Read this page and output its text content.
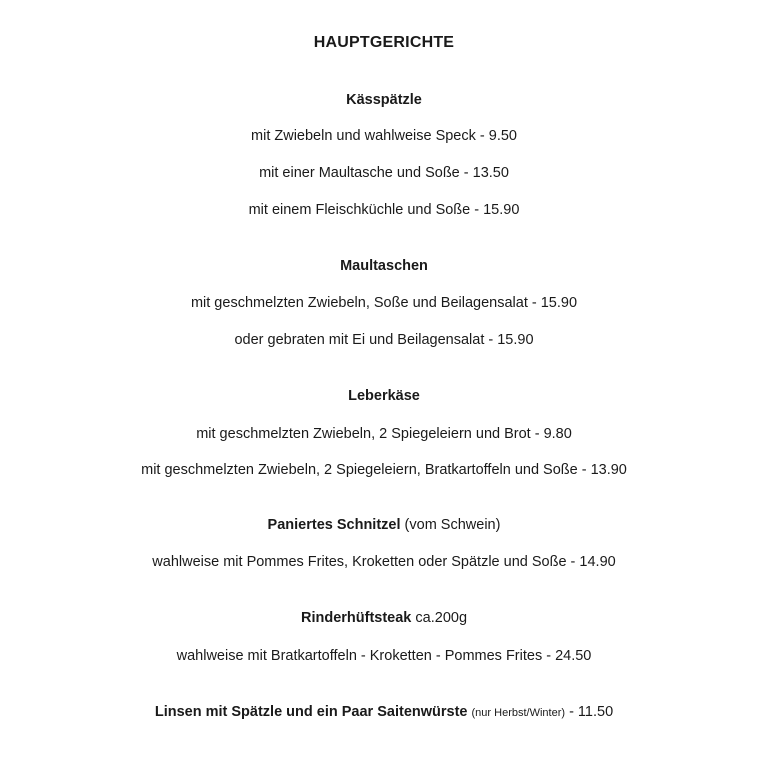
HAUPTGERICHTE
Kässpätzle
mit Zwiebeln und wahlweise Speck - 9.50
mit einer Maultasche und Soße - 13.50
mit einem Fleischküchle und Soße - 15.90
Maultaschen
mit geschmelzten Zwiebeln, Soße und Beilagensalat - 15.90
oder gebraten mit Ei und Beilagensalat - 15.90
Leberkäse
mit geschmelzten Zwiebeln, 2 Spiegeleiern und Brot - 9.80
mit geschmelzten Zwiebeln, 2 Spiegeleiern, Bratkartoffeln und Soße - 13.90
Paniertes Schnitzel (vom Schwein)
wahlweise mit Pommes Frites, Kroketten oder Spätzle und Soße - 14.90
Rinderhüftsteak ca.200g
wahlweise mit Bratkartoffeln - Kroketten - Pommes Frites - 24.50
Linsen mit Spätzle und ein Paar Saitenwürste (nur Herbst/Winter) - 11.50
